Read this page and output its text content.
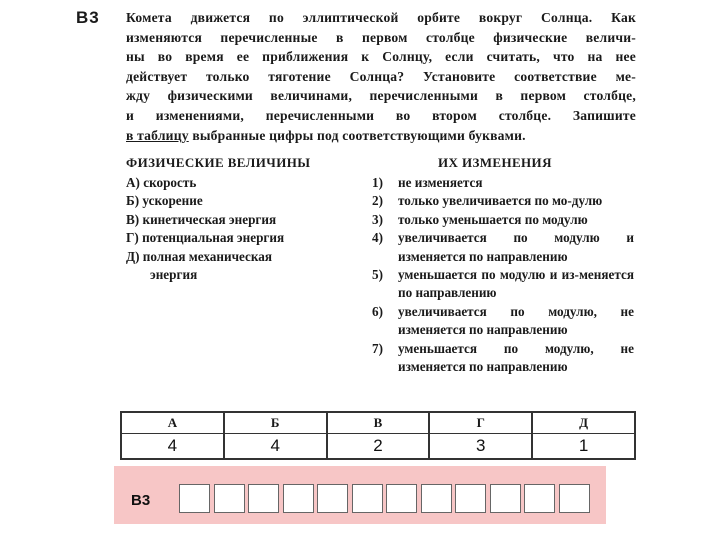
B3 Комета движется по эллиптической орбите вокруг Солнца. Как
изменяются перечисленные в первом столбце физические величи-
ны во время ее приближения к Солнцу, если считать, что на нее
действует только тяготение Солнца? Установите соответствие ме-
жду физическими величинами, перечисленными в первом столбце,
и изменениями, перечисленными во втором столбце. Запишите
в таблицу выбранные цифры под соответствующими буквами.
ФИЗИЧЕСКИЕ ВЕЛИЧИНЫ	ИХ ИЗМЕНЕНИЯ
А) скорость
Б) ускорение
В) кинетическая энергия
Г) потенциальная энергия
Д) полная механическая
энергия
1)	не изменяется
2)	только увеличивается по мо-дулю
3)	только уменьшается по модулю
4)	увеличивается по модулю и изменяется по направлению
5)	уменьшается по модулю и из-меняется по направлению
6)	увеличивается по модулю, не изменяется по направлению
7)	уменьшается по модулю, не изменяется по направлению
А	Б	В	Г	Д
4	4	2	3	1
B3
